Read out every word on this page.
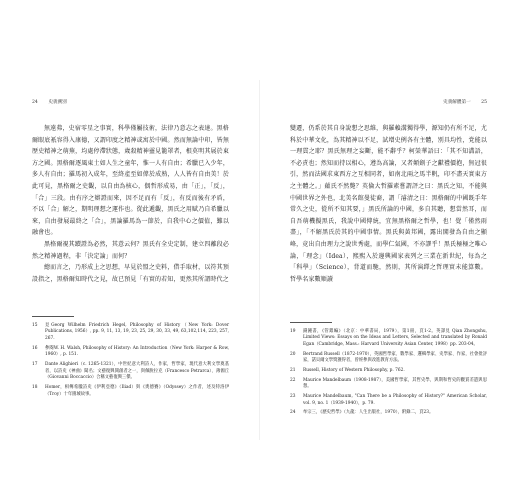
24 史義溯別

無遠弗，史宿零星之事實，科學僅屬技術，法律乃意志之表達。黑格爾眼底衹容得入康德，又謂印度之精神或寓於中國。然而無論中印，皆無歷史精神之萌蕪，均處停滯狀態，歲殺精神靈見籠罩者，根莫明其展於東方之國。黑格爾逐風東土如人生之童年，惟一人有自由；希臘已入少年，多人有自由；羅馬初入成年，至終產至如偉於成熟，人人皆有自由美！於此可見，黑格爾之史觀，以自由為核心，偶哲形成易，由「正」，「反」，「合」三段。由有序之辯證而來，因不足而有「反」，有反而後有矛盾，不以「合」解之，期明理想之運作也。從此遞觀，黑氏之用賦乃自希臘以來，自由發展最終之「合」，黑論羅馬為一節於，自我中心之價值，難以融會也。

黑格爾視其蹟證為必然，其意云何？黑氏有全史定制，建立四離段必然之精神過程，非「決定論」而何？

總而言之，乃形成上之思想，早見於盟之史料，借手取材，以符其預設指之，黑格爾知時代之見，故已預見「有實的若知，更然其所謂時代之

15	見Georg Wilhelm Friedrich Hegel, Philosophy of History（New York: Dover Publications, 1956）, pp. 9, 11, 13, 19, 23, 25, 29, 30, 33, 49, 63,102,114, 223, 257, 267.
16	參閱W. H. Walsh, Philosophy of History: An Introduction（New York: Harper & Row, 1960）, p. 151.
17	Dante Alighieri（c. 1265-1321），中世紀意大利詩人，作家，哲學家，現代意大利文學奠基者，以詩史《神曲》聞名；文藝復興開創者之一，與佩脫拉克（Francesco Petrarca）、薄伽丘（Giovanni Boccaccio）合稱文藝復興三傑。
18	Homer，相傳希臘詩史《伊利亞德》（Iliad）與《奧德賽》（Odyssey）之作者，述及特洛伊（Troy）十年圍城故事。
史義解體第一 25

變遷，仍系於其自身說想之思維，與羅賴溝獨得學，源知仍有所不足，尤科於中華文化，為其精神以不足，試增史例各有主體，別具均性，党能以一理貫之耶？黑氏無理之妄斷，能不辭乎？柯榮華語曰：「其不知溝語，不必責也；然知而持以相心，遵為高論，又者顛劍子之獻禮價抱，無冠很引，然而法國求東西方之互相同者，如南北兩之馬半帆，印不盡天實東方之主體之。」蘊氏不然斃？英倫大哲羅素嘗謂評之曰：黑氏之知，不能與中國世界之外也，北美名館曼徒裔，謂「濬清之日：黑格爾的中國既手年常久之史，從所不知其要，」黑氏所論的中國，多自其聽，想當然耳，而自吾萌機擬黑氏，我說中國傳統，宜無黑格爾之哲學，也！覺「僅然雨盡」，「不解黑氏於其的中國事情。黑氏與黃邦國，露出閣發為自由之顯峰，竟出自由理力之說世秀處，而學仁氣國，不亦謬乎！黑氏極極之唯心論，「理念」（Idea），熙熙入於邊興國家表列之三業在新世紀，每為之「科學」（Science），背道而馳，然則，其所演繹之哲理實未能算數。哲學名家數順讀

19	錢鍾書，《管錐編》（北京：中華書局，1979），第1冊，頁1-2。英譯見 Qian Zhongshu, Limited Views: Essays on the Ideas and Letters, Selected and translated by Ronald Egan（Cambridge, Mass.: Harvard University Asian Center, 1998）pp. 203-04。
20	Bertrand Russell（1872-1970），英國哲學家、數學家、邏輯學家、史學家、作家，社會批評家，諾貝爾文學獎獲得者，曾經參與改進教育方法。
21	Russell, History of Western Philosophy, p. 762.
22	Maurice Mandelbaum（1908-1987），美國哲學家，其哲史學，與期和哲史的觀賞差遣與思想。
23	Maurice Mandelbaum, "Can There be a Philosophy of History?" American Scholar, vol. 9, no. 1（1939-1940），p. 79.
24	牟宗三，《歷史哲學》（九龍：人生出版社，1970），附錄二，頁23。
